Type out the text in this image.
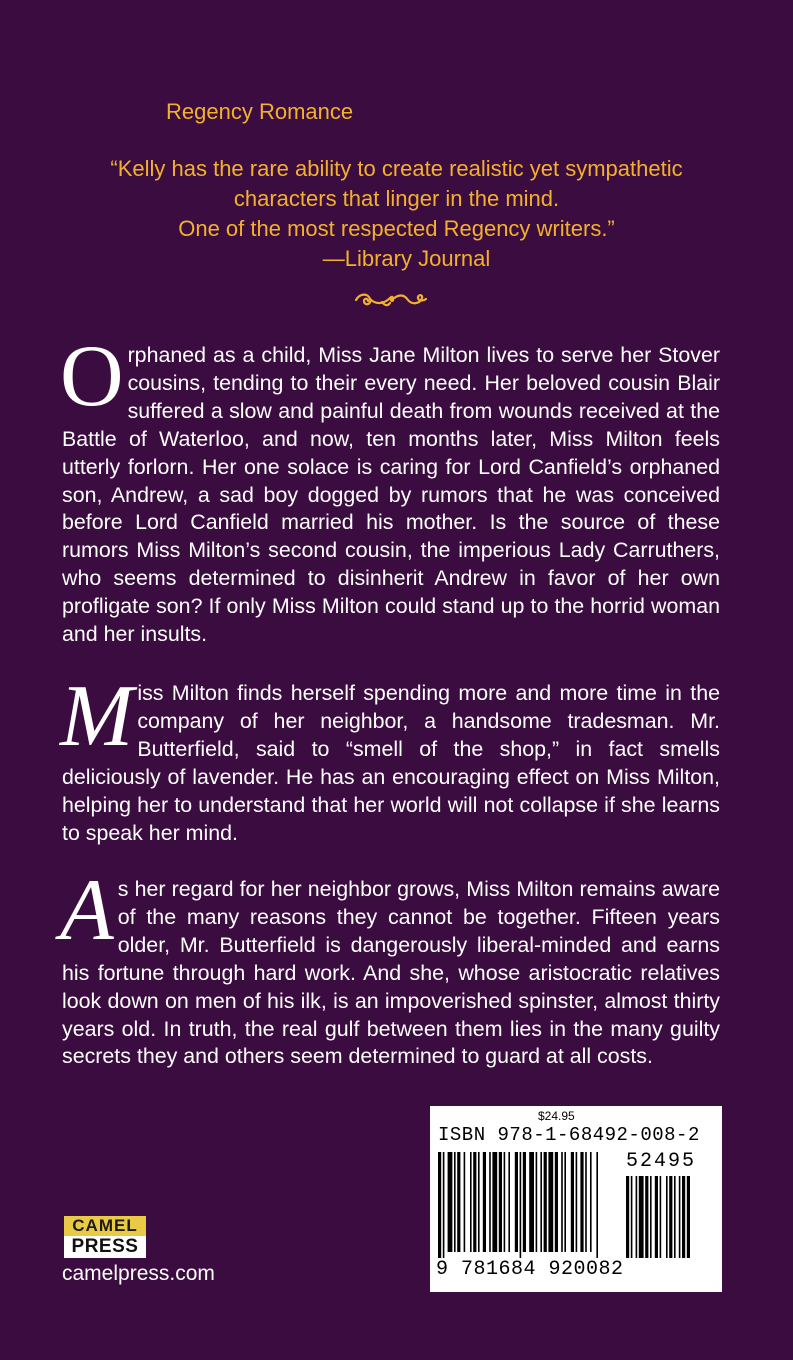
Regency Romance
“Kelly has the rare ability to create realistic yet sympathetic
characters that linger in the mind.
One of the most respected Regency writers.”
—Library Journal
Orphaned as a child, Miss Jane Milton lives to serve her Stover cousins, tending to their every need. Her beloved cousin Blair suffered a slow and painful death from wounds received at the Battle of Waterloo, and now, ten months later, Miss Milton feels utterly forlorn. Her one solace is caring for Lord Canfield’s orphaned son, Andrew, a sad boy dogged by rumors that he was conceived before Lord Canfield married his mother. Is the source of these rumors Miss Milton’s second cousin, the imperious Lady Carruthers, who seems determined to disinherit Andrew in favor of her own profligate son? If only Miss Milton could stand up to the horrid woman and her insults.
Miss Milton finds herself spending more and more time in the company of her neighbor, a handsome tradesman. Mr. Butterfield, said to “smell of the shop,” in fact smells deliciously of lavender. He has an encouraging effect on Miss Milton, helping her to understand that her world will not collapse if she learns to speak her mind.
As her regard for her neighbor grows, Miss Milton remains aware of the many reasons they cannot be together. Fifteen years older, Mr. Butterfield is dangerously liberal-minded and earns his fortune through hard work. And she, whose aristocratic relatives look down on men of his ilk, is an impoverished spinster, almost thirty years old. In truth, the real gulf between them lies in the many guilty secrets they and others seem determined to guard at all costs.
$24.95
ISBN 978-1-68492-008-2
52495
9 781684 920082
CAMEL
PRESS
camelpress.com
